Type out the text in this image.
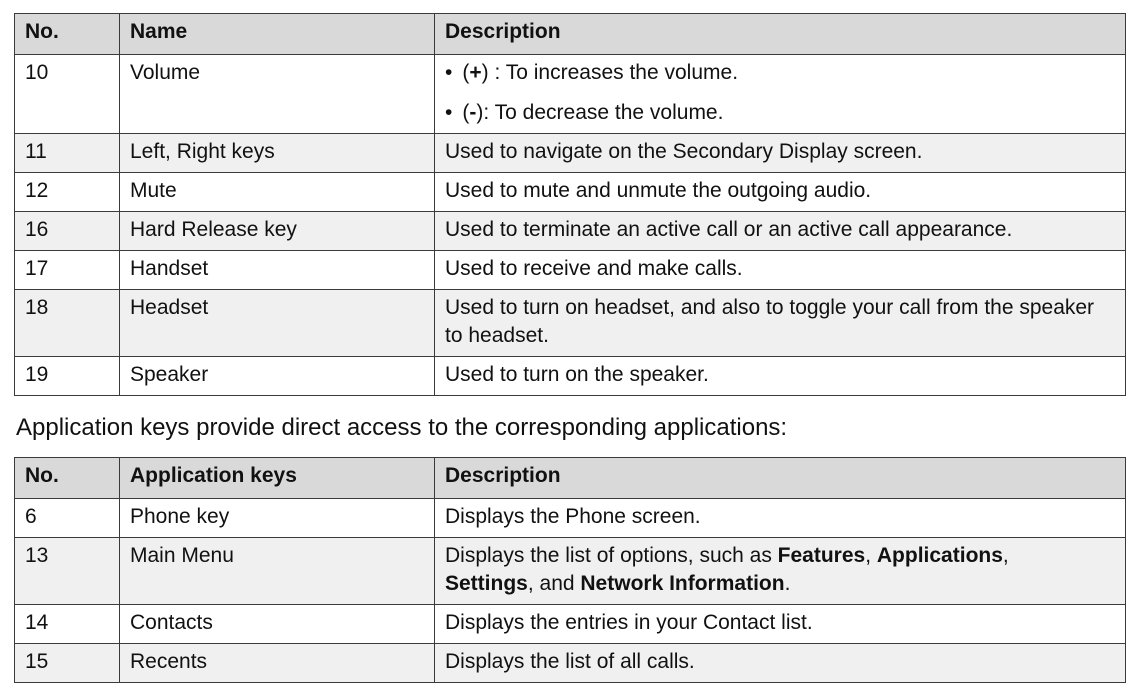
No.	Name	Description
10	Volume	• (+) : To increases the volume.
• (-): To decrease the volume.

11	Left, Right keys	Used to navigate on the Secondary Display screen.
12	Mute	Used to mute and unmute the outgoing audio.
16	Hard Release key	Used to terminate an active call or an active call appearance.
17	Handset	Used to receive and make calls.
18	Headset	Used to turn on headset, and also to toggle your call from the speaker to headset.
19	Speaker	Used to turn on the speaker.
Application keys provide direct access to the corresponding applications:
No.	Application keys	Description
6	Phone key	Displays the Phone screen.
13	Main Menu	Displays the list of options, such as Features, Applications,
Settings, and Network Information.
14	Contacts	Displays the entries in your Contact list.
15	Recents	Displays the list of all calls.
